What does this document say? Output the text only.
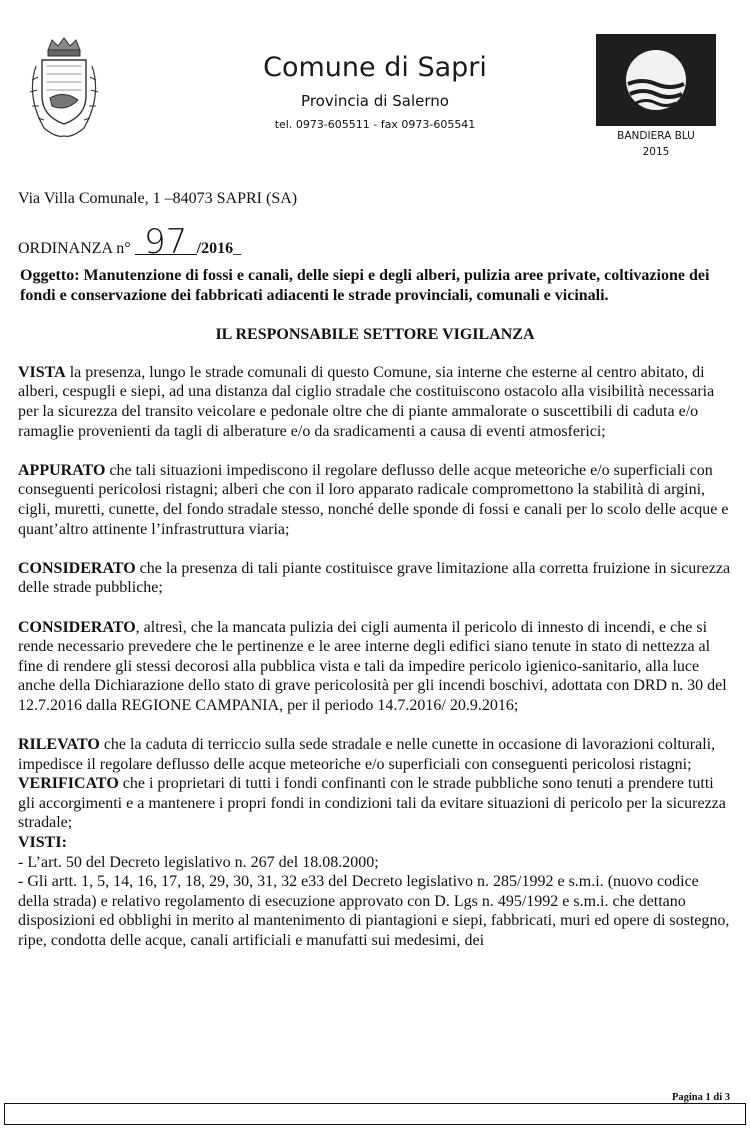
Comune di Sapri
Provincia di Salerno
tel. 0973-605511 - fax 0973-605541
BANDIERA BLU
2015
Via Villa Comunale, 1 –84073 SAPRI (SA)
ORDINANZA n° 97 /2016_

Oggetto: Manutenzione di fossi e canali, delle siepi e degli alberi, pulizia aree private, coltivazione dei fondi e conservazione dei fabbricati adiacenti le strade provinciali, comunali e vicinali.

IL RESPONSABILE SETTORE VIGILANZA

VISTA la presenza, lungo le strade comunali di questo Comune, sia interne che esterne al centro abitato, di alberi, cespugli e siepi, ad una distanza dal ciglio stradale che costituiscono ostacolo alla visibilità necessaria per la sicurezza del transito veicolare e pedonale oltre che di piante ammalorate o suscettibili di caduta e/o ramaglie provenienti da tagli di alberature e/o da sradicamenti a causa di eventi atmosferici;

APPURATO che tali situazioni impediscono il regolare deflusso delle acque meteoriche e/o superficiali con conseguenti pericolosi ristagni; alberi che con il loro apparato radicale compromettono la stabilità di argini, cigli, muretti, cunette, del fondo stradale stesso, nonché delle sponde di fossi e canali per lo scolo delle acque e quant’altro attinente l’infrastruttura viaria;

CONSIDERATO che la presenza di tali piante costituisce grave limitazione alla corretta fruizione in sicurezza delle strade pubbliche;

CONSIDERATO, altresì, che la mancata pulizia dei cigli aumenta il pericolo di innesto di incendi, e che si rende necessario prevedere che le pertinenze e le aree interne degli edifici siano tenute in stato di nettezza al fine di rendere gli stessi decorosi alla pubblica vista e tali da impedire pericolo igienico-sanitario, alla luce anche della Dichiarazione dello stato di grave pericolosità per gli incendi boschivi, adottata con DRD n. 30 del 12.7.2016 dalla REGIONE CAMPANIA, per il periodo 14.7.2016/ 20.9.2016;

RILEVATO che la caduta di terriccio sulla sede stradale e nelle cunette in occasione di lavorazioni colturali, impedisce il regolare deflusso delle acque meteoriche e/o superficiali con conseguenti pericolosi ristagni;

VERIFICATO che i proprietari di tutti i fondi confinanti con le strade pubbliche sono tenuti a prendere tutti gli accorgimenti e a mantenere i propri fondi in condizioni tali da evitare situazioni di pericolo per la sicurezza stradale;

VISTI:

- L’art. 50 del Decreto legislativo n. 267 del 18.08.2000;

- Gli artt. 1, 5, 14, 16, 17, 18, 29, 30, 31, 32 e33 del Decreto legislativo n. 285/1992 e s.m.i. (nuovo codice della strada) e relativo regolamento di esecuzione approvato con D. Lgs n. 495/1992 e s.m.i. che dettano disposizioni ed obblighi in merito al mantenimento di piantagioni e siepi, fabbricati, muri ed opere di sostegno, ripe, condotta delle acque, canali artificiali e manufatti sui medesimi, dei

Pagina 1 di 3
